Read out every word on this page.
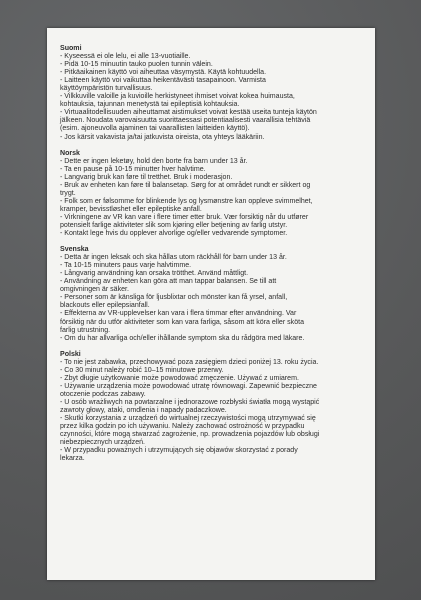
Suomi
- Kyseessä ei ole lelu, ei alle 13-vuotiaille.
- Pidä 10-15 minuutin tauko puolen tunnin välein.
- Pitkäaikainen käyttö voi aiheuttaa väsymystä. Käytä kohtuudella.
- Laitteen käyttö voi vaikuttaa heikentävästi tasapainoon. Varmista
käyttöympäristön turvallisuus.
- Vilkkuville valoille ja kuvioille herkistyneet ihmiset voivat kokea huimausta,
kohtauksia, tajunnan menetystä tai epileptisiä kohtauksia.
- Virtuaalitodellisuuden aiheuttamat aistimukset voivat kestää useita tunteja käytön
jälkeen. Noudata varovaisuutta suorittaessasi potentiaalisesti vaarallisia tehtäviä
(esim. ajoneuvolla ajaminen tai vaarallisten laitteiden käyttö).
- Jos kärsit vakavista ja/tai jatkuvista oireista, ota yhteys lääkäriin.
Norsk
- Dette er ingen leketøy, hold den borte fra barn under 13 år.
- Ta en pause på 10-15 minutter hver halvtime.
- Langvarig bruk kan føre til tretthet. Bruk i moderasjon.
- Bruk av enheten kan føre til balansetap. Sørg for at området rundt er sikkert og
trygt.
- Folk som er følsomme for blinkende lys og lysmønstre kan oppleve svimmelhet,
kramper, bevisstløshet eller epileptiske anfall.
- Virkningene av VR kan vare i flere timer etter bruk. Vær forsiktig når du utfører
potensielt farlige aktiviteter slik som kjøring eller betjening av farlig utstyr.
- Kontakt lege hvis du opplever alvorlige og/eller vedvarende symptomer.
Svenska
- Detta är ingen leksak och ska hållas utom räckhåll för barn under 13 år.
- Ta 10-15 minuters paus varje halvtimme.
- Långvarig användning kan orsaka trötthet. Använd måttligt.
- Användning av enheten kan göra att man tappar balansen. Se till att
omgivningen är säker.
- Personer som är känsliga för ljusblixtar och mönster kan få yrsel, anfall,
blackouts eller epilepsianfall.
- Effekterna av VR-upplevelser kan vara i flera timmar efter användning. Var
försiktig när du utför aktiviteter som kan vara farliga, såsom att köra eller sköta
farlig utrustning.
- Om du har allvarliga och/eller ihållande symptom ska du rådgöra med läkare.
Polski
- To nie jest zabawka, przechowywać poza zasięgiem dzieci poniżej 13. roku życia.
- Co 30 minut należy robić 10–15 minutowe przerwy.
- Zbyt długie użytkowanie może powodować zmęczenie. Używać z umiarem.
- Używanie urządzenia może powodować utratę równowagi. Zapewnić bezpieczne
otoczenie podczas zabawy.
- U osób wrażliwych na powtarzalne i jednorazowe rozbłyski światła mogą wystąpić
zawroty głowy, ataki, omdlenia i napady padaczkowe.
- Skutki korzystania z urządzeń do wirtualnej rzeczywistości mogą utrzymywać się
przez kilka godzin po ich używaniu. Należy zachować ostrożność w przypadku
czynności, które mogą stwarzać zagrożenie, np. prowadzenia pojazdów lub obsługi
niebezpiecznych urządzeń.
- W przypadku poważnych i utrzymujących się objawów skorzystać z porady
lekarza.
